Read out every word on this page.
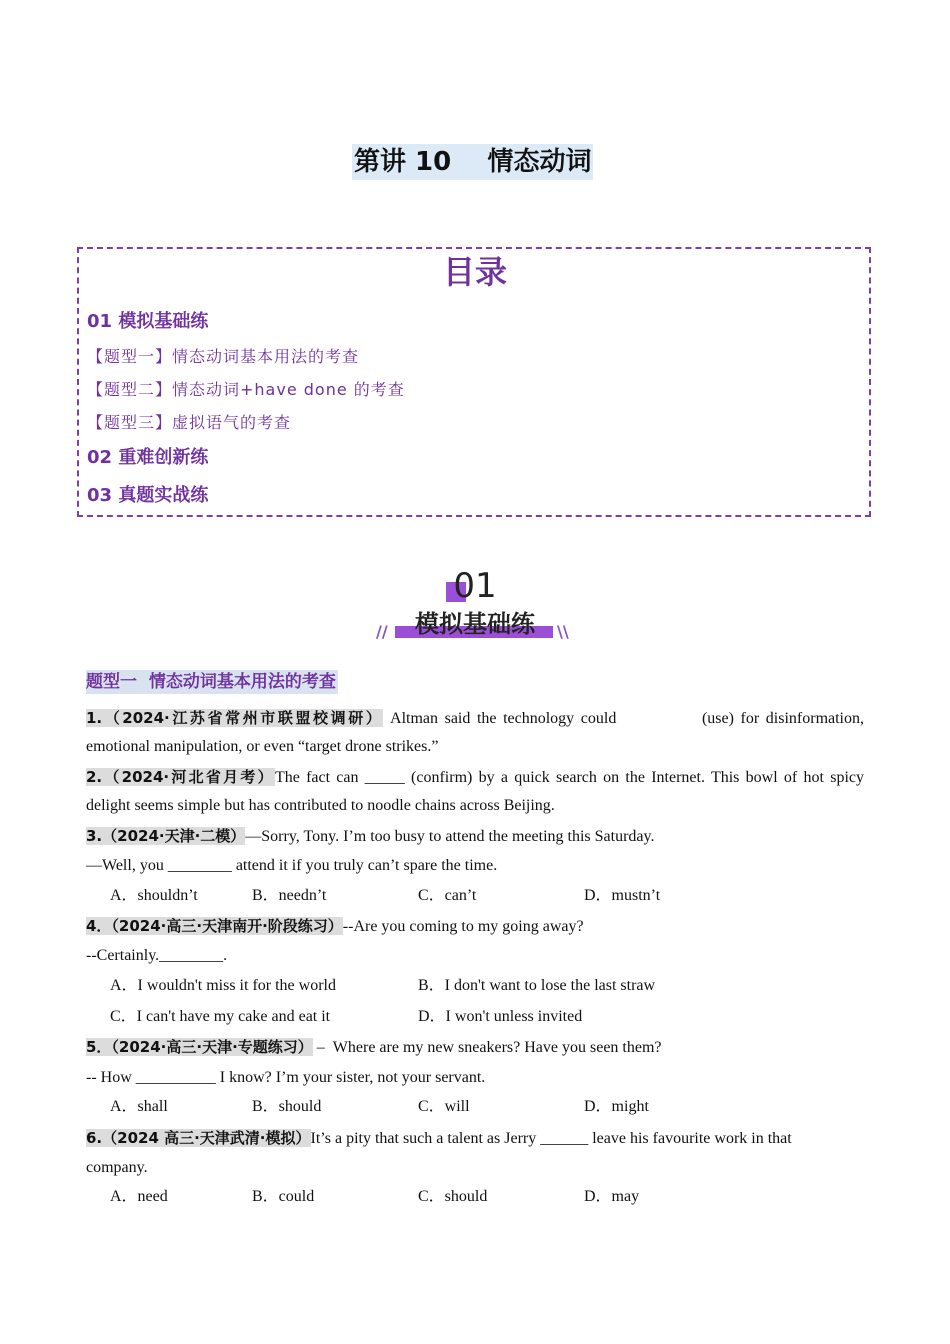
第讲 10    情态动词
目录
01 模拟基础练
【题型一】情态动词基本用法的考查
【题型二】情态动词+have done 的考查
【题型三】虚拟语气的考查
02 重难创新练
03 真题实战练
01
模拟基础练
//	\\
题型一  情态动词基本用法的考查
1.（2024·江苏省常州市联盟校调研） Altman said the technology could             (use) for disinformation,
emotional manipulation, or even “target drone strikes.”
2.（2024·河北省月考）The fact can _____ (confirm) by a quick search on the Internet. This bowl of hot spicy
delight seems simple but has contributed to noodle chains across Beijing.
3.（2024·天津·二模）—Sorry, Tony. I’m too busy to attend the meeting this Saturday.
—Well, you ________ attend it if you truly can’t spare the time.
A．shouldn’t	B．needn’t	C．can’t	D．mustn’t
4．（2024·高三·天津南开·阶段练习）--Are you coming to my going away?
--Certainly.________.
A．I wouldn't miss it for the world	B．I don't want to lose the last straw
C．I can't have my cake and eat it	D．I won't unless invited
5．（2024·高三·天津·专题练习） –  Where are my new sneakers? Have you seen them?
-- How __________ I know? I’m your sister, not your servant.
A．shall	B．should	C．will	D．might
6.（2024 高三·天津武清·模拟）It’s a pity that such a talent as Jerry ______ leave his favourite work in that
company.
A．need	B．could	C．should	D．may
